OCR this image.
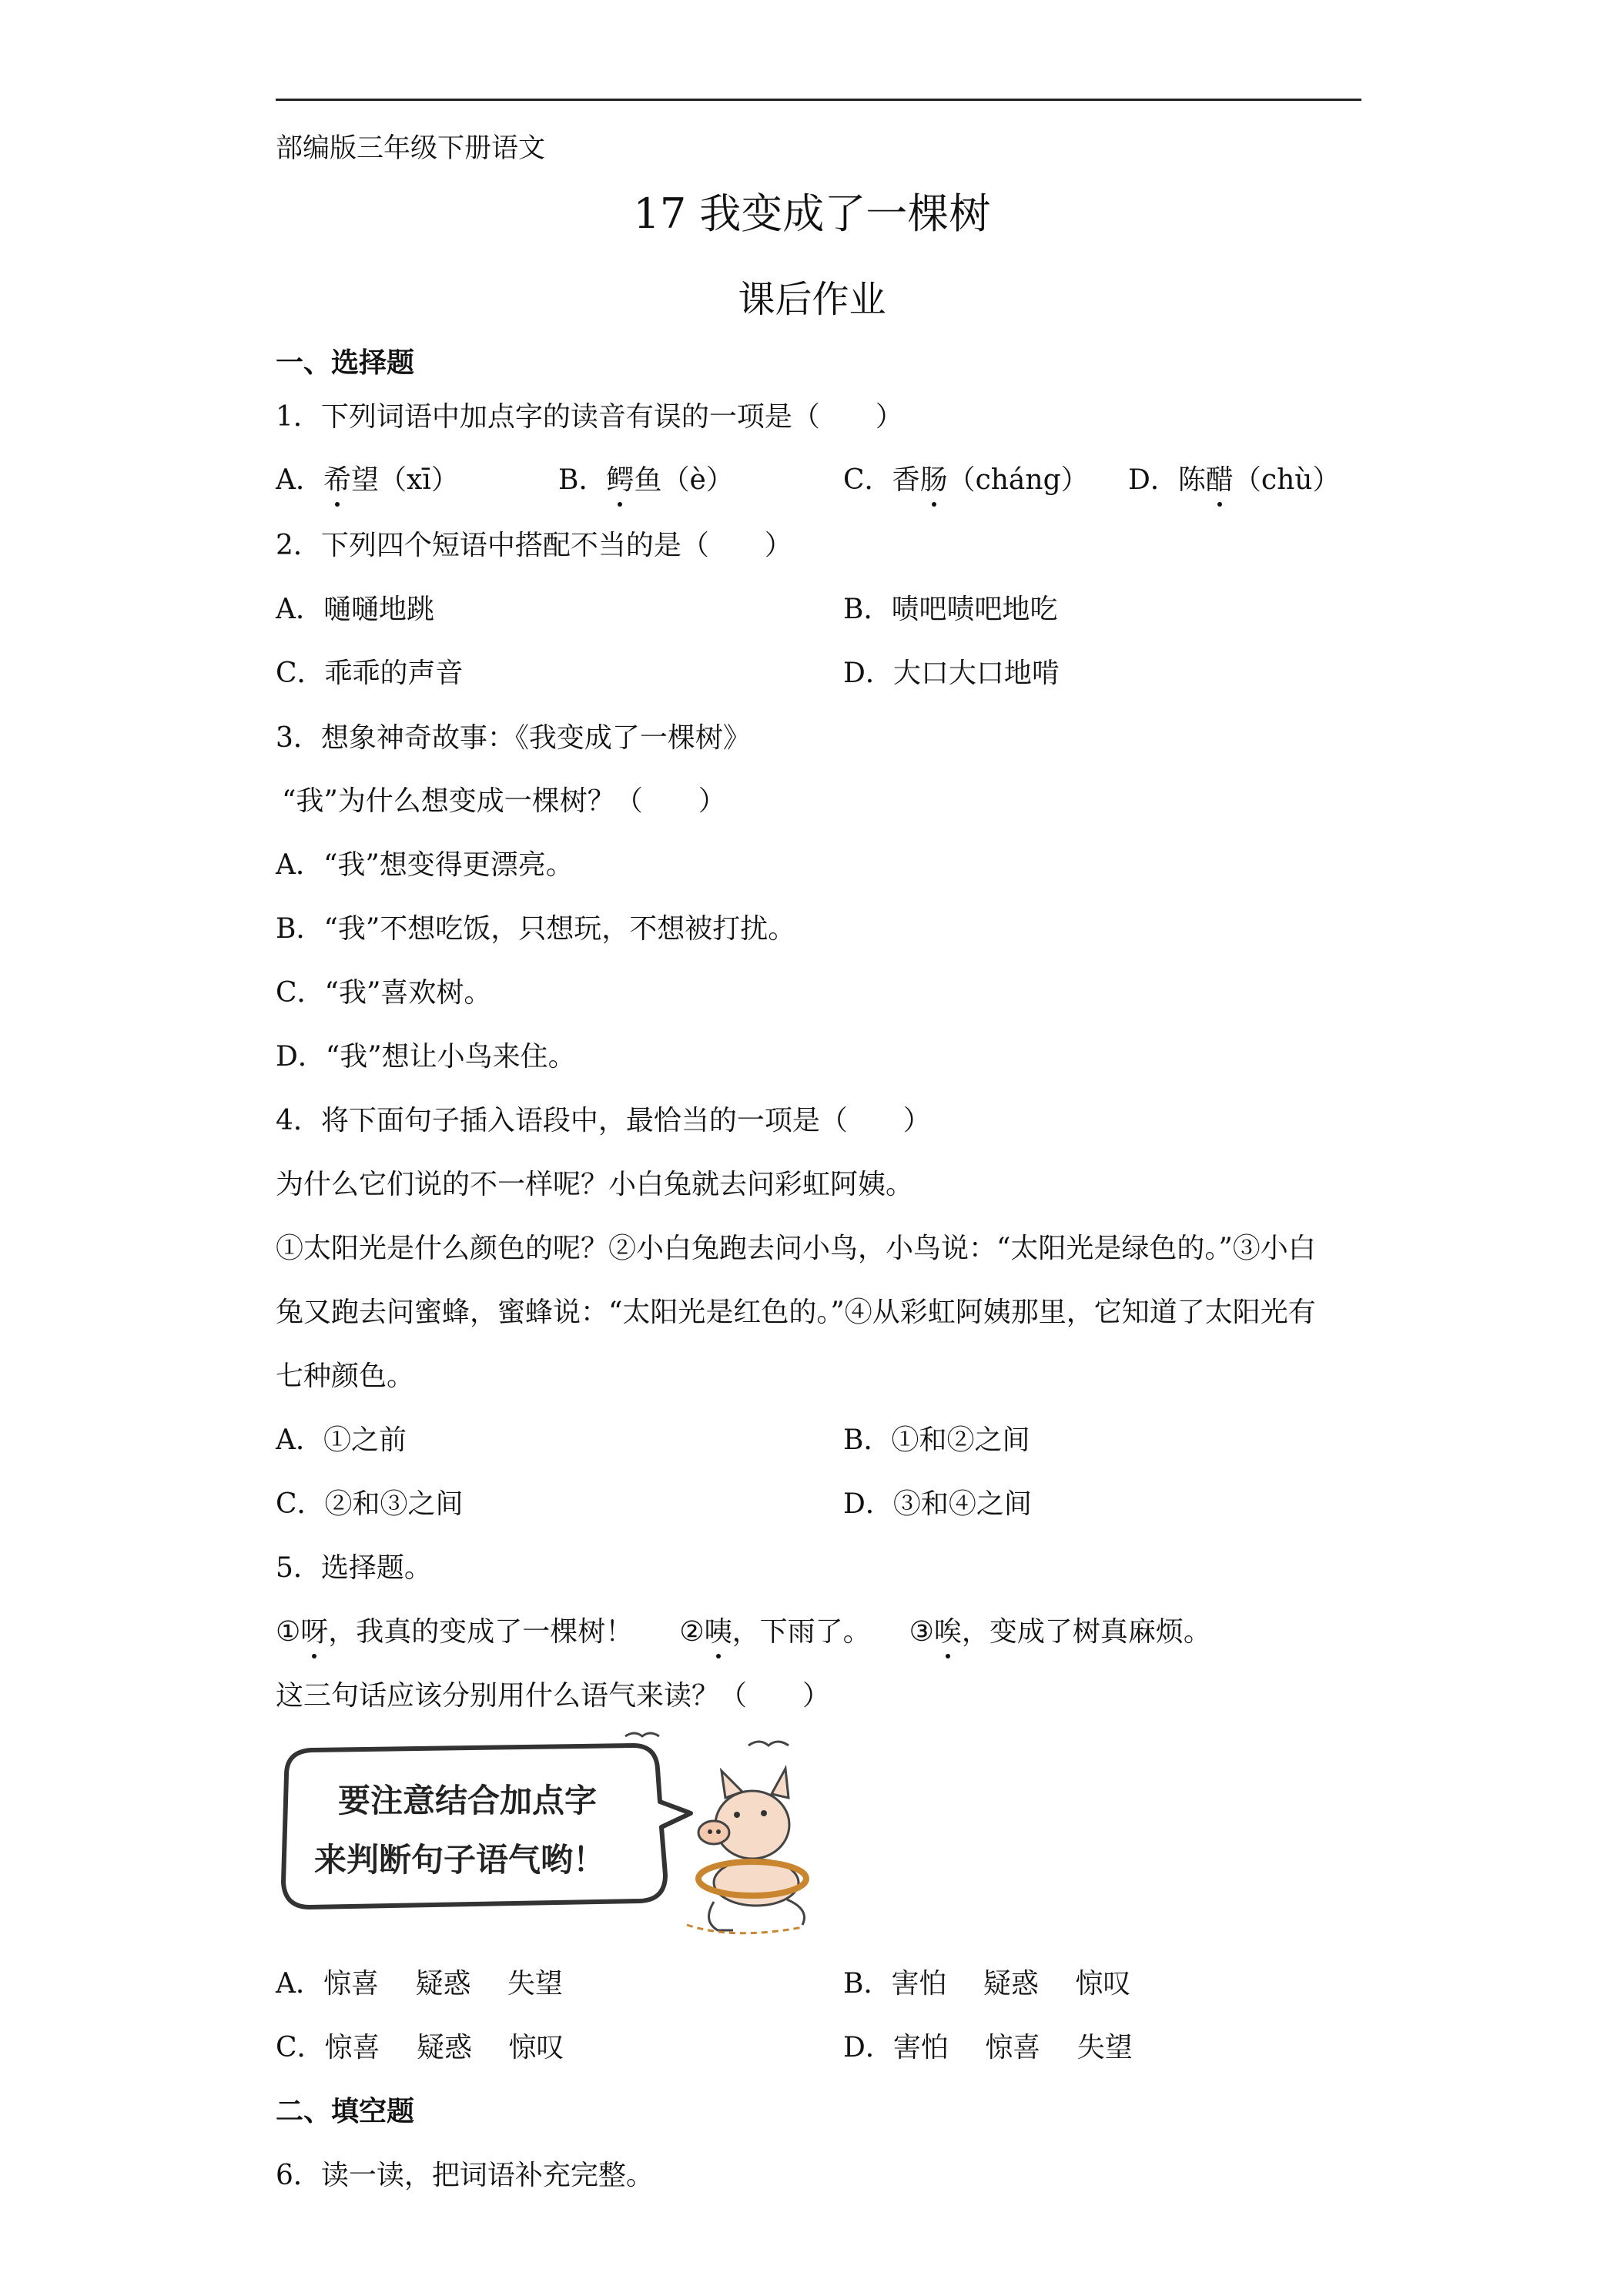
部编版三年级下册语文
17 我变成了一棵树
课后作业
一、选择题
1．下列词语中加点字的读音有误的一项是（　　）
A．希望（xī）	B．鳄鱼（è）	C．香肠（cháng） D．陈醋（chù）
2．下列四个短语中搭配不当的是（　　）
A．嗵嗵地跳	B．啧吧啧吧地吃
C．乖乖的声音	D．大口大口地啃
3．想象神奇故事：《我变成了一棵树》
“我”为什么想变成一棵树？（　　）
A．“我”想变得更漂亮。
B．“我”不想吃饭，只想玩，不想被打扰。
C．“我”喜欢树。
D．“我”想让小鸟来住。
4．将下面句子插入语段中，最恰当的一项是（　　）
为什么它们说的不一样呢？小白兔就去问彩虹阿姨。
①太阳光是什么颜色的呢？②小白兔跑去问小鸟，小鸟说：“太阳光是绿色的。”③小白
兔又跑去问蜜蜂，蜜蜂说：“太阳光是红色的。”④从彩虹阿姨那里，它知道了太阳光有
七种颜色。
A．①之前	B．①和②之间
C．②和③之间	D．③和④之间
5．选择题。
①呀，我真的变成了一棵树！ ②咦，下雨了。 ③唉，变成了树真麻烦。
这三句话应该分别用什么语气来读？（　　）
要注意结合加点字
来判断句子语气哟！
A．惊喜　 疑惑　 失望	B．害怕　 疑惑　 惊叹
C．惊喜　 疑惑　 惊叹	D．害怕　 惊喜　 失望
二、填空题
6．读一读，把词语补充完整。
